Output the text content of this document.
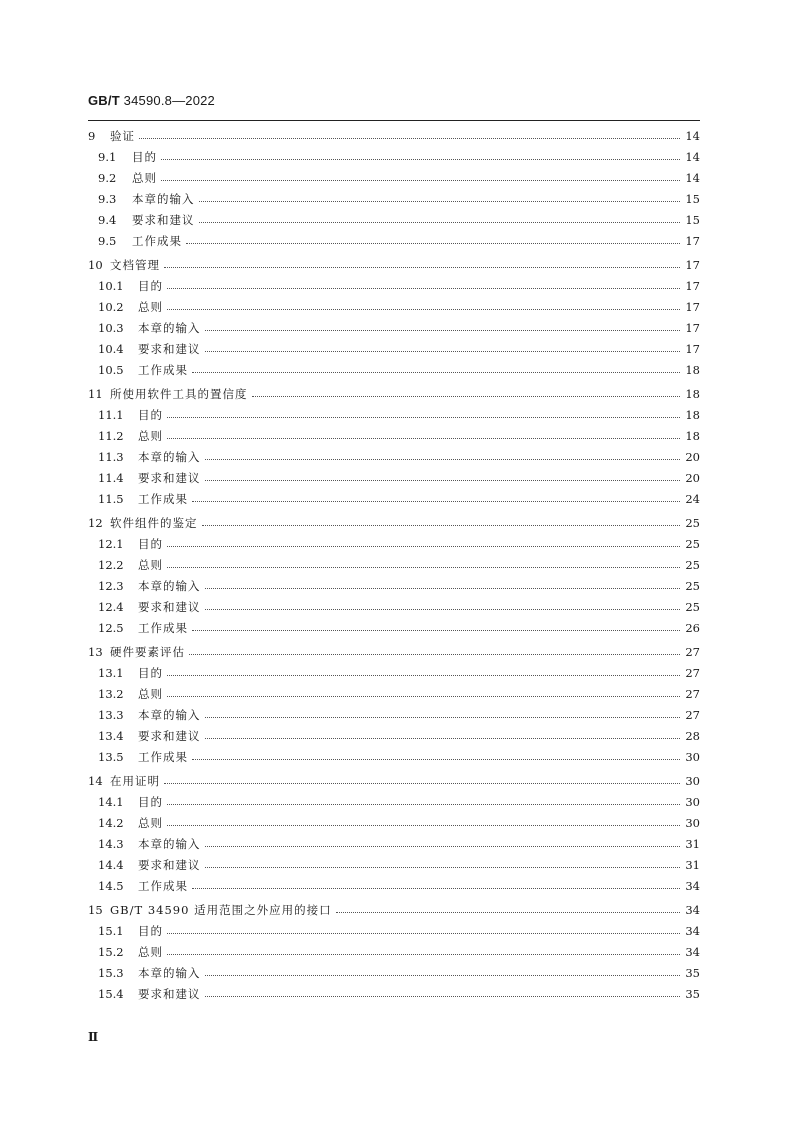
GB/T 34590.8—2022
9	验证	14
9.1	目的	14
9.2	总则	14
9.3	本章的输入	15
9.4	要求和建议	15
9.5	工作成果	17
10 文档管理	17
10.1	目的	17
10.2	总则	17
10.3	本章的输入	17
10.4	要求和建议	17
10.5	工作成果	18
11 所使用软件工具的置信度	18
11.1	目的	18
11.2	总则	18
11.3	本章的输入	20
11.4	要求和建议	20
11.5	工作成果	24
12 软件组件的鉴定	25
12.1	目的	25
12.2	总则	25
12.3	本章的输入	25
12.4	要求和建议	25
12.5	工作成果	26
13 硬件要素评估	27
13.1	目的	27
13.2	总则	27
13.3	本章的输入	27
13.4	要求和建议	28
13.5	工作成果	30
14 在用证明	30
14.1	目的	30
14.2	总则	30
14.3	本章的输入	31
14.4	要求和建议	31
14.5	工作成果	34
15 GB/T 34590 适用范围之外应用的接口	34
15.1	目的	34
15.2	总则	34
15.3	本章的输入	35
15.4	要求和建议	35
Ⅱ
